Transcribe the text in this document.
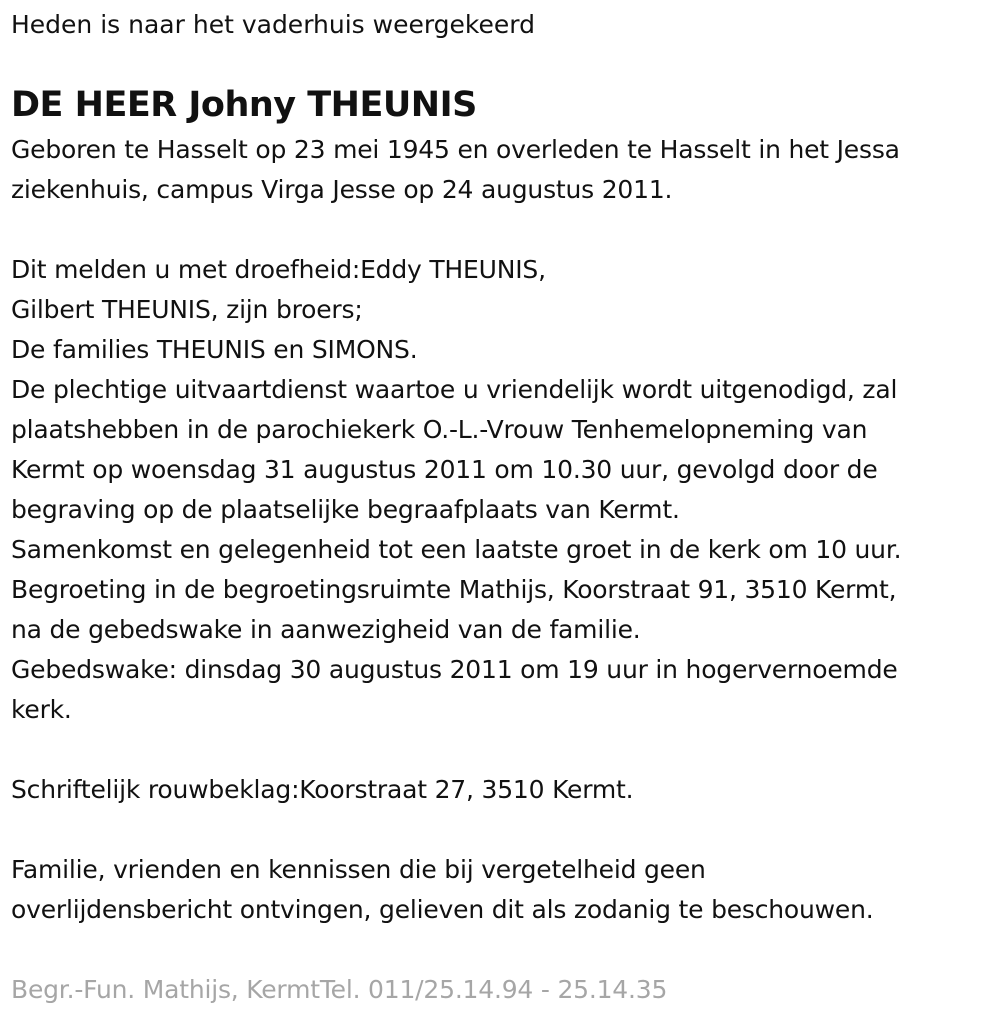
Heden is naar het vaderhuis weergekeerd

DE HEER Johny THEUNIS
Geboren te Hasselt op 23 mei 1945 en overleden te Hasselt in het Jessa
ziekenhuis, campus Virga Jesse op 24 augustus 2011.
Dit melden u met droefheid:Eddy THEUNIS,
Gilbert THEUNIS, zijn broers;
De families THEUNIS en SIMONS.
De plechtige uitvaartdienst waartoe u vriendelijk wordt uitgenodigd, zal
plaatshebben in de parochiekerk O.-L.-Vrouw Tenhemelopneming van
Kermt op woensdag 31 augustus 2011 om 10.30 uur, gevolgd door de
begraving op de plaatselijke begraafplaats van Kermt.
Samenkomst en gelegenheid tot een laatste groet in de kerk om 10 uur.
Begroeting in de begroetingsruimte Mathijs, Koorstraat 91, 3510 Kermt,
na de gebedswake in aanwezigheid van de familie.
Gebedswake: dinsdag 30 augustus 2011 om 19 uur in hogervernoemde
kerk.
Schriftelijk rouwbeklag:Koorstraat 27, 3510 Kermt.
Familie, vrienden en kennissen die bij vergetelheid geen
overlijdensbericht ontvingen, gelieven dit als zodanig te beschouwen.
Begr.-Fun. Mathijs, KermtTel. 011/25.14.94 - 25.14.35
